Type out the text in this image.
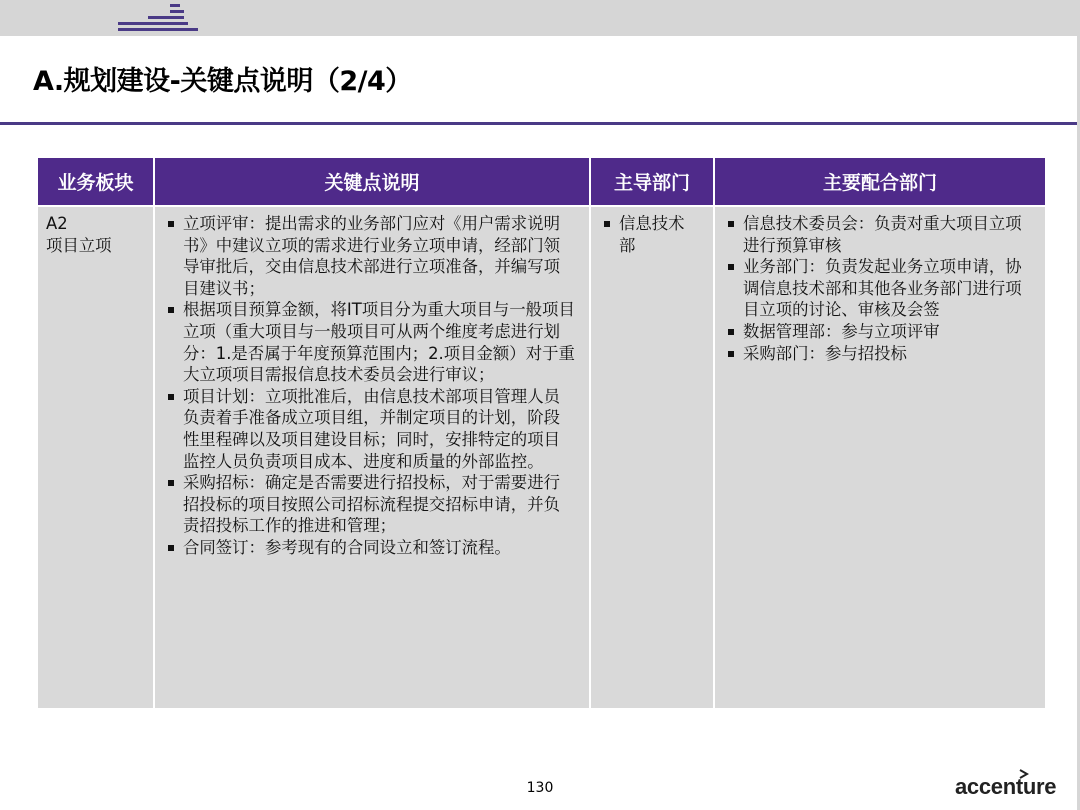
A.规划建设-关键点说明（2/4）
业务板块
A2
项目立项
关键点说明
立项评审：提出需求的业务部门应对《用户需求说明书》中建议立项的需求进行业务立项申请，经部门领导审批后，交由信息技术部进行立项准备，并编写项目建议书；
根据项目预算金额，将IT项目分为重大项目与一般项目立项（重大项目与一般项目可从两个维度考虑进行划分：1.是否属于年度预算范围内；2.项目金额）对于重大立项项目需报信息技术委员会进行审议；
项目计划：立项批准后，由信息技术部项目管理人员负责着手准备成立项目组，并制定项目的计划，阶段性里程碑以及项目建设目标；同时，安排特定的项目监控人员负责项目成本、进度和质量的外部监控。
采购招标：确定是否需要进行招投标，对于需要进行招投标的项目按照公司招标流程提交招标申请，并负责招投标工作的推进和管理；
合同签订：参考现有的合同设立和签订流程。
主导部门
信息技术部
主要配合部门
信息技术委员会：负责对重大项目立项进行预算审核
业务部门：负责发起业务立项申请，协调信息技术部和其他各业务部门进行项目立项的讨论、审核及会签
数据管理部：参与立项评审
采购部门：参与招投标
130	accenture
